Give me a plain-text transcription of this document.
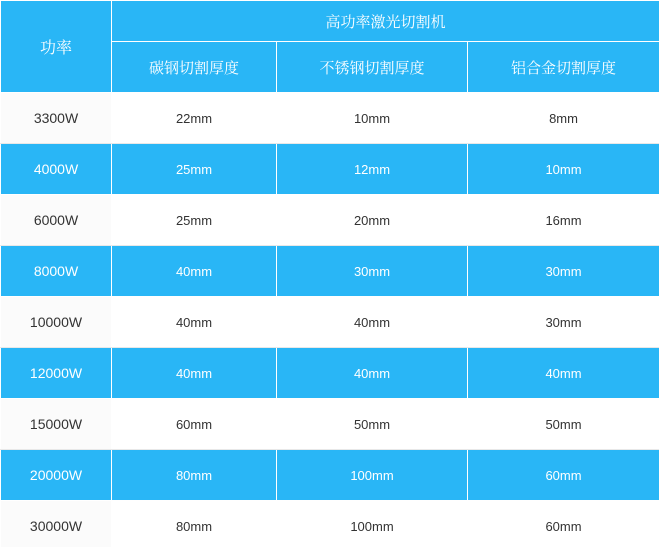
功率	高功率激光切割机		
	碳钢切割厚度	不锈钢切割厚度	铝合金切割厚度
3300W	22mm	10mm	8mm
4000W	25mm	12mm	10mm
6000W	25mm	20mm	16mm
8000W	40mm	30mm	30mm
10000W	40mm	40mm	30mm
12000W	40mm	40mm	40mm
15000W	60mm	50mm	50mm
20000W	80mm	100mm	60mm
30000W	80mm	100mm	60mm
